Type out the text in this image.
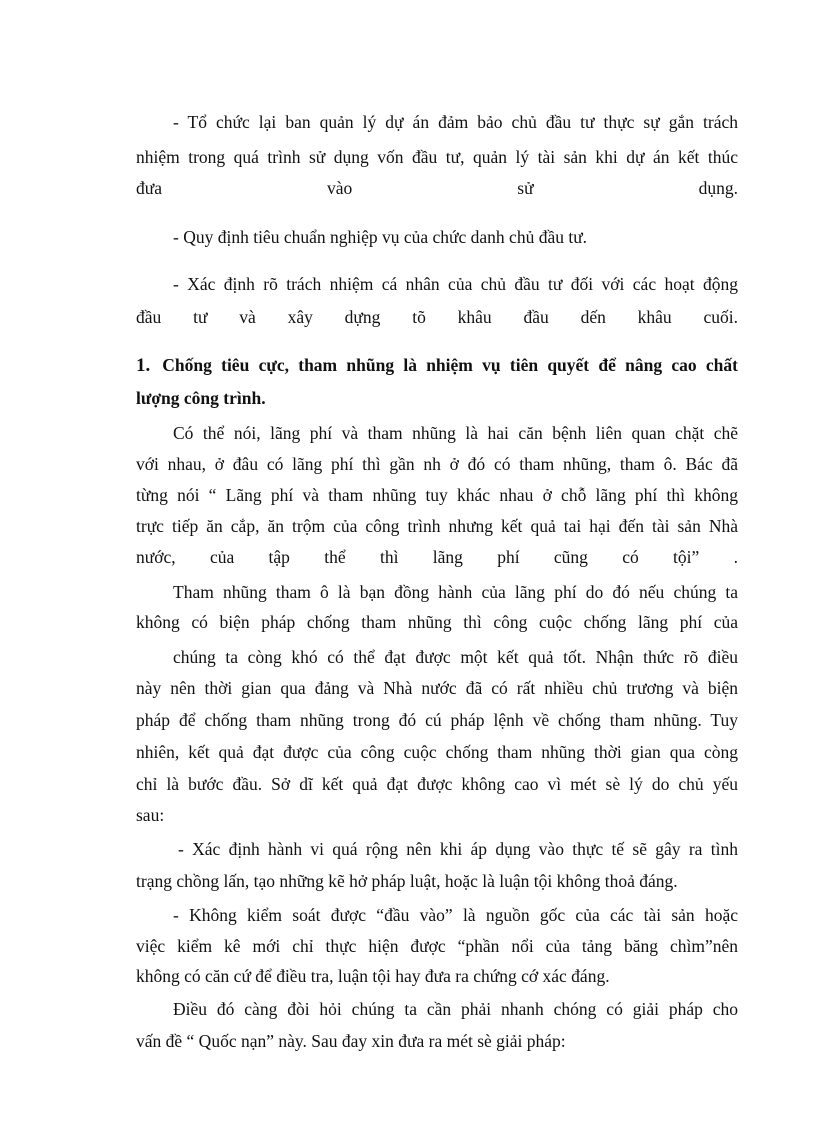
- Tổ chức lại ban quản lý dự án đảm bảo chủ đầu tư thực sự gắn trách
nhiệm trong quá trình sử dụng vốn đầu tư, quản lý tài sản khi dự án kết thúc
đưa vào sử dụng.
- Quy định tiêu chuẩn nghiệp vụ của chức danh chủ đầu tư.
- Xác định rõ trách nhiệm cá nhân của chủ đầu tư đối với các hoạt động
đầu tư và xây dựng tõ khâu đầu dến khâu cuối.
1. Chống tiêu cực, tham nhũng là nhiệm vụ tiên quyết để nâng cao chất
lượng công trình.
Có thể nói, lãng phí và tham nhũng là hai căn bệnh liên quan chặt chẽ
với nhau, ở đâu có lãng phí thì gần nh ở đó có tham nhũng, tham ô. Bác đã
từng nói “ Lãng phí và tham nhũng tuy khác nhau ở chỗ lãng phí thì không
trực tiếp ăn cắp, ăn trộm của công trình nhưng kết quả tai hại đến tài sản Nhà
nước, của tập thể thì lãng phí cũng có tội” .
Tham nhũng tham ô là bạn đồng hành của lãng phí do đó nếu chúng ta
không có biện pháp chống tham nhũng thì công cuộc chống lãng phí của
chúng ta còng khó có thể đạt được một kết quả tốt. Nhận thức rõ điều
này nên thời gian qua đảng và Nhà nước đã có rất nhiều chủ trương và biện
pháp để chống tham nhũng trong đó cú pháp lệnh về chống tham nhũng. Tuy
nhiên, kết quả đạt được của công cuộc chống tham nhũng thời gian qua còng
chỉ là bước đầu. Sở dĩ kết quả đạt được không cao vì mét sè lý do chủ yếu
sau:
- Xác định hành vi quá rộng nên khi áp dụng vào thực tế sẽ gây ra tình
trạng chồng lấn, tạo những kẽ hở pháp luật, hoặc là luận tội không thoả đáng.
- Không kiểm soát được “đầu vào” là nguồn gốc của các tài sản hoặc
việc kiểm kê mới chỉ thực hiện được “phần nổi của tảng băng chìm”nên
không có căn cứ để điều tra, luận tội hay đưa ra chứng cớ xác đáng.
Điều đó càng đòi hỏi chúng ta cần phải nhanh chóng có giải pháp cho
vấn đề “ Quốc nạn” này. Sau đay xin đưa ra mét sè giải pháp:
